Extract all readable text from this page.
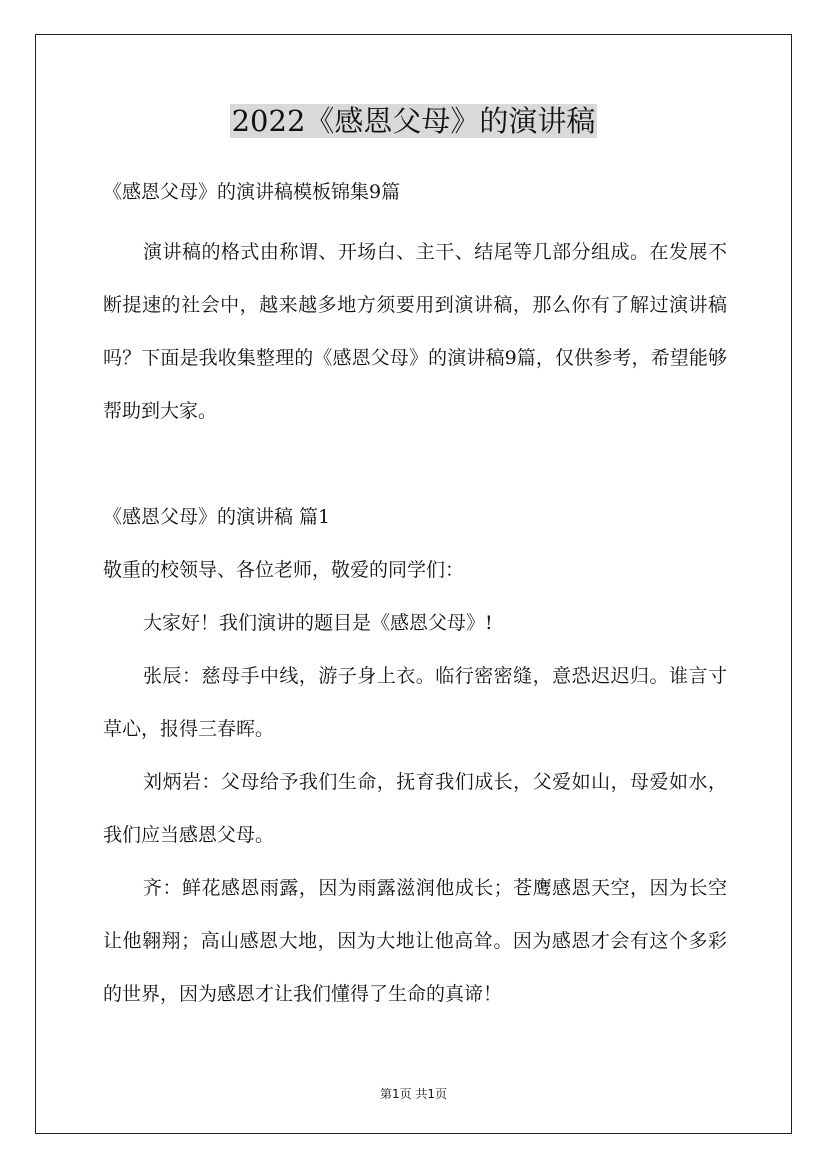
2022《感恩父母》的演讲稿

《感恩父母》的演讲稿模板锦集9篇

演讲稿的格式由称谓、开场白、主干、结尾等几部分组成。在发展不断提速的社会中，越来越多地方须要用到演讲稿，那么你有了解过演讲稿吗？下面是我收集整理的《感恩父母》的演讲稿9篇，仅供参考，希望能够帮助到大家。

《感恩父母》的演讲稿 篇1

敬重的校领导、各位老师，敬爱的同学们：

大家好！我们演讲的题目是《感恩父母》!

张辰：慈母手中线，游子身上衣。临行密密缝，意恐迟迟归。谁言寸草心，报得三春晖。

刘炳岩：父母给予我们生命，抚育我们成长，父爱如山，母爱如水，我们应当感恩父母。

齐：鲜花感恩雨露，因为雨露滋润他成长；苍鹰感恩天空，因为长空让他翱翔；高山感恩大地，因为大地让他高耸。因为感恩才会有这个多彩的世界，因为感恩才让我们懂得了生命的真谛！

第1页 共1页
